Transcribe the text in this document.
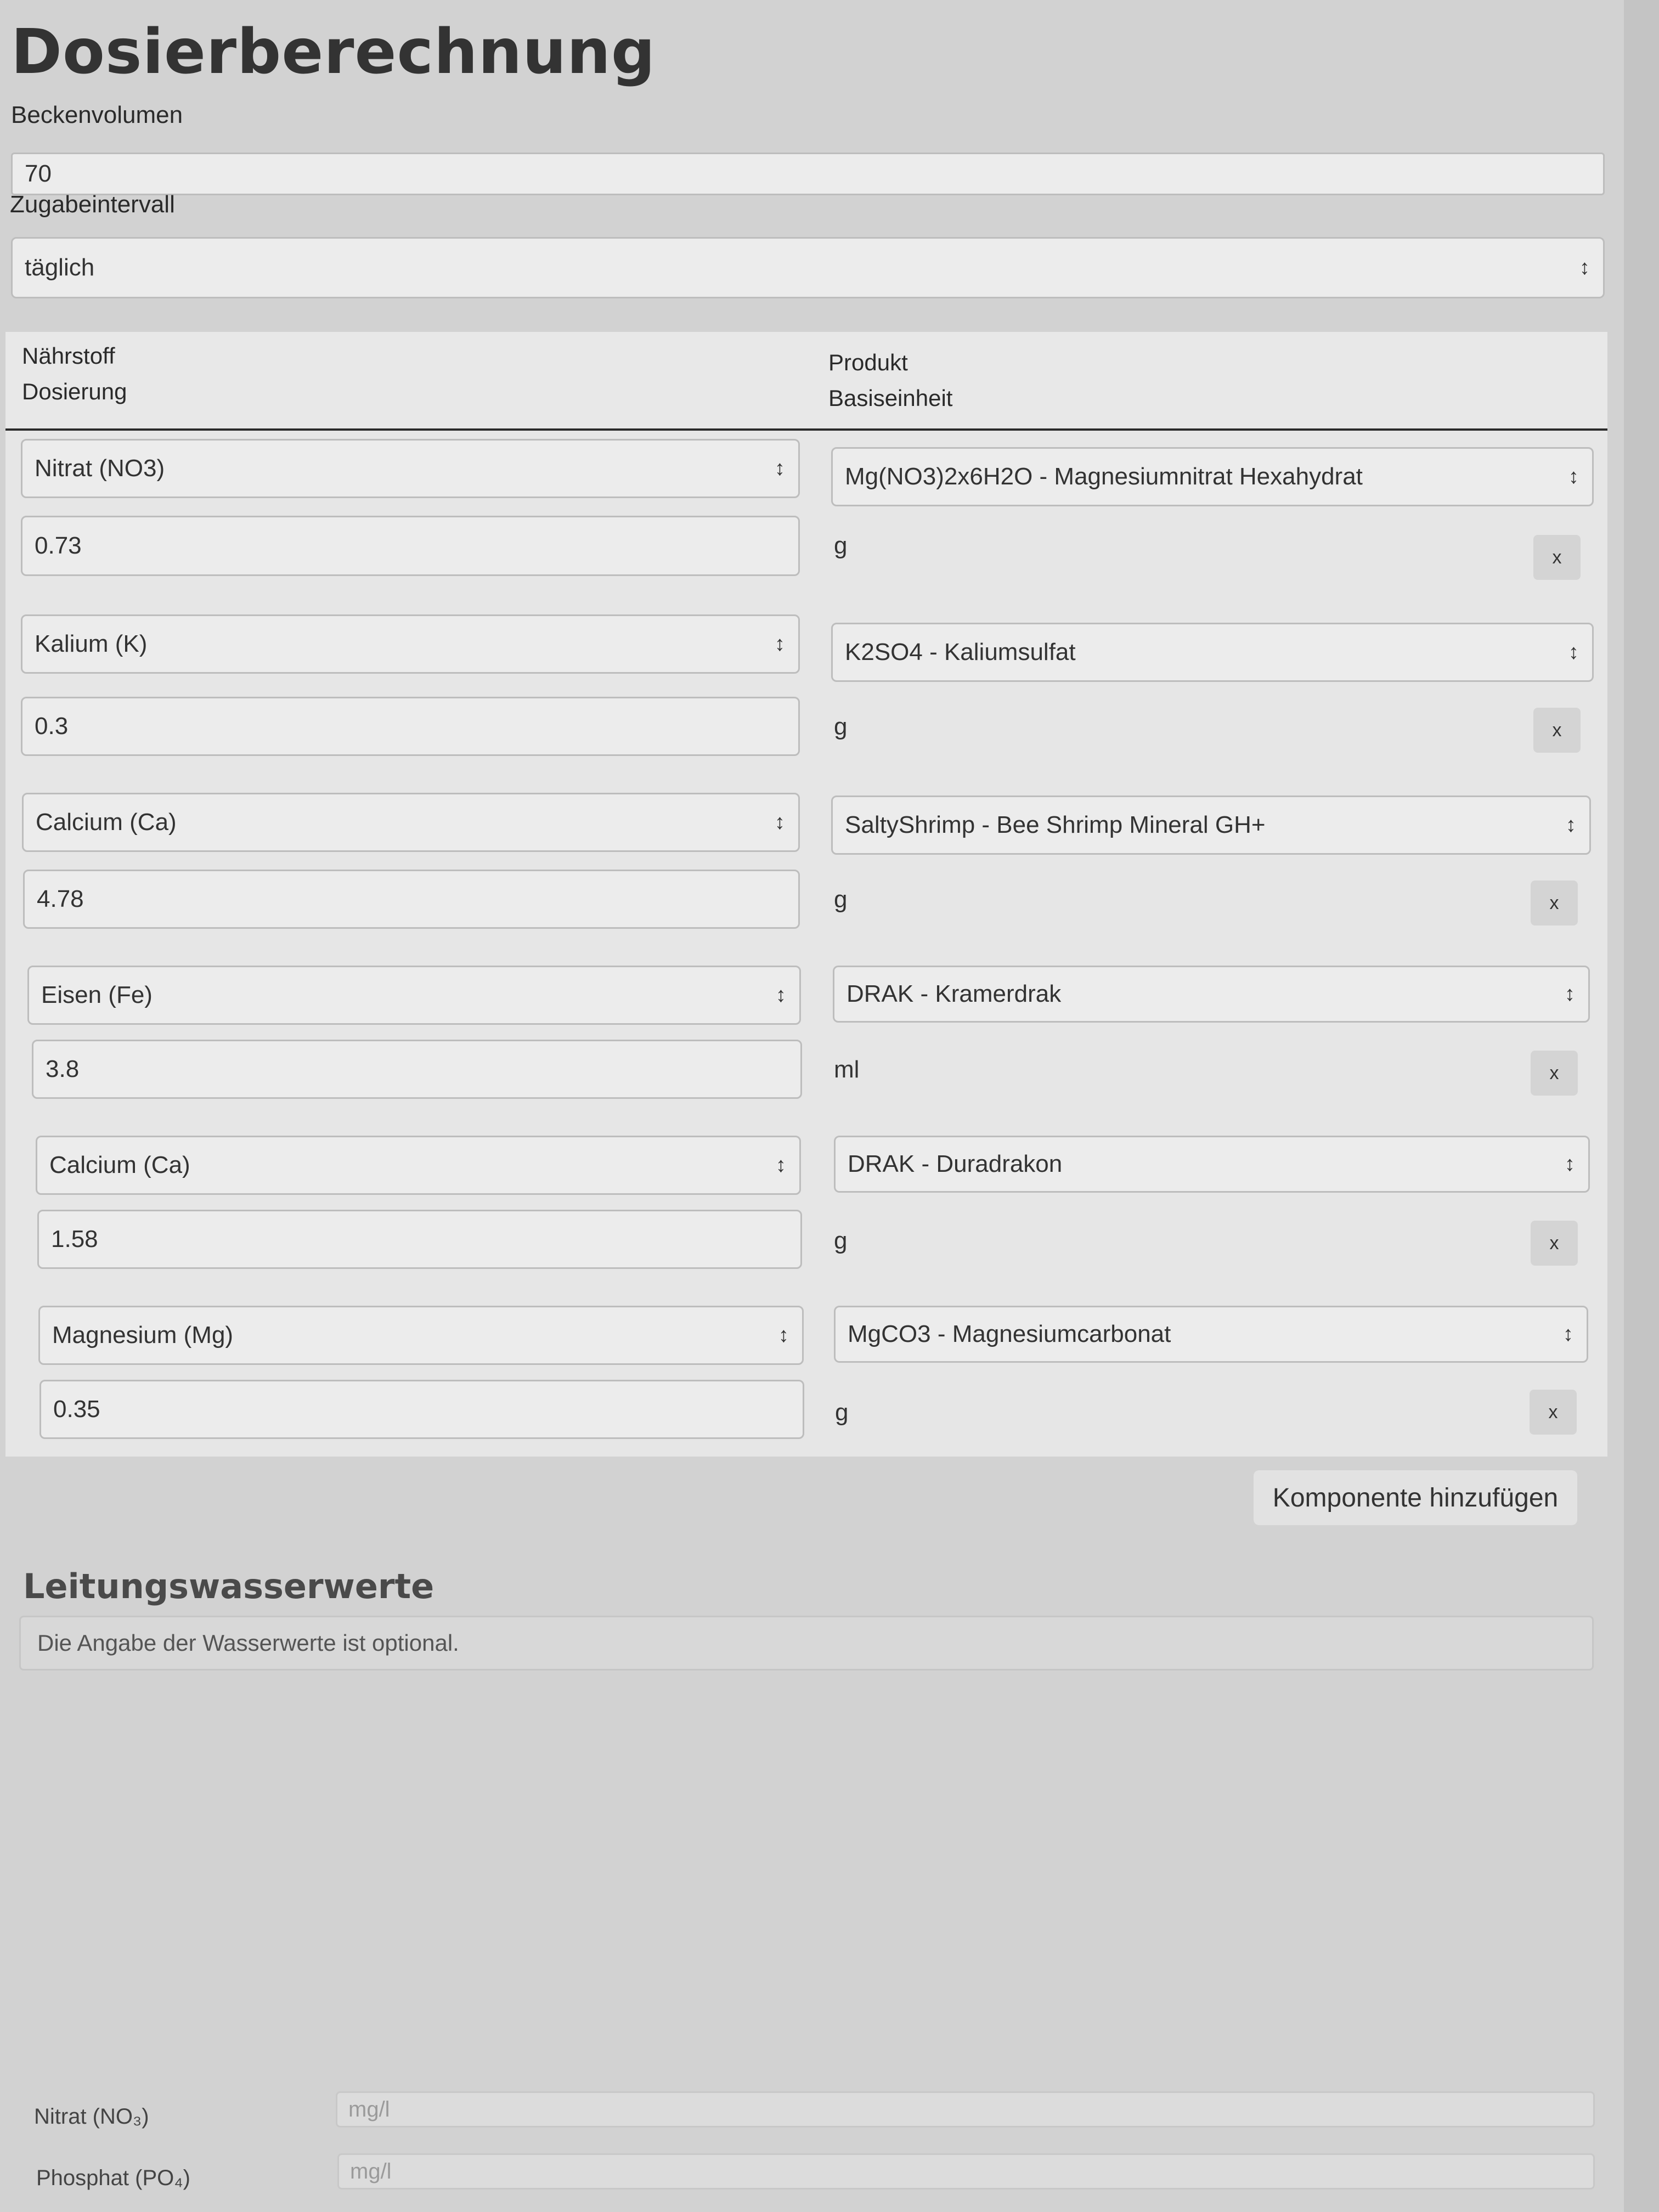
Dosierberechnung
Beckenvolumen
70
Zugabeintervall
täglich	↕
Nährstoff
Dosierung
Produkt
Basiseinheit
Nitrat (NO3)	↕ Mg(NO3)2x6H2O - Magnesiumnitrat Hexahydrat	↕
0.73	g	x
Kalium (K)	↕ K2SO4 - Kaliumsulfat	↕
0.3	g	x
Calcium (Ca)	↕ SaltyShrimp - Bee Shrimp Mineral GH+	↕
4.78	g	x
Eisen (Fe)	↕	DRAK - Kramerdrak	↕
3.8	ml	x
Calcium (Ca)	↕	DRAK - Duradrakon	↕
1.58	g	x
Magnesium (Mg)	↕ MgCO3 - Magnesiumcarbonat	↕
0.35	g	x
Komponente hinzufügen
Leitungswasserwerte
Die Angabe der Wasserwerte ist optional.
Nitrat (NO₃)	mg/l
Phosphat (PO₄)	mg/l
